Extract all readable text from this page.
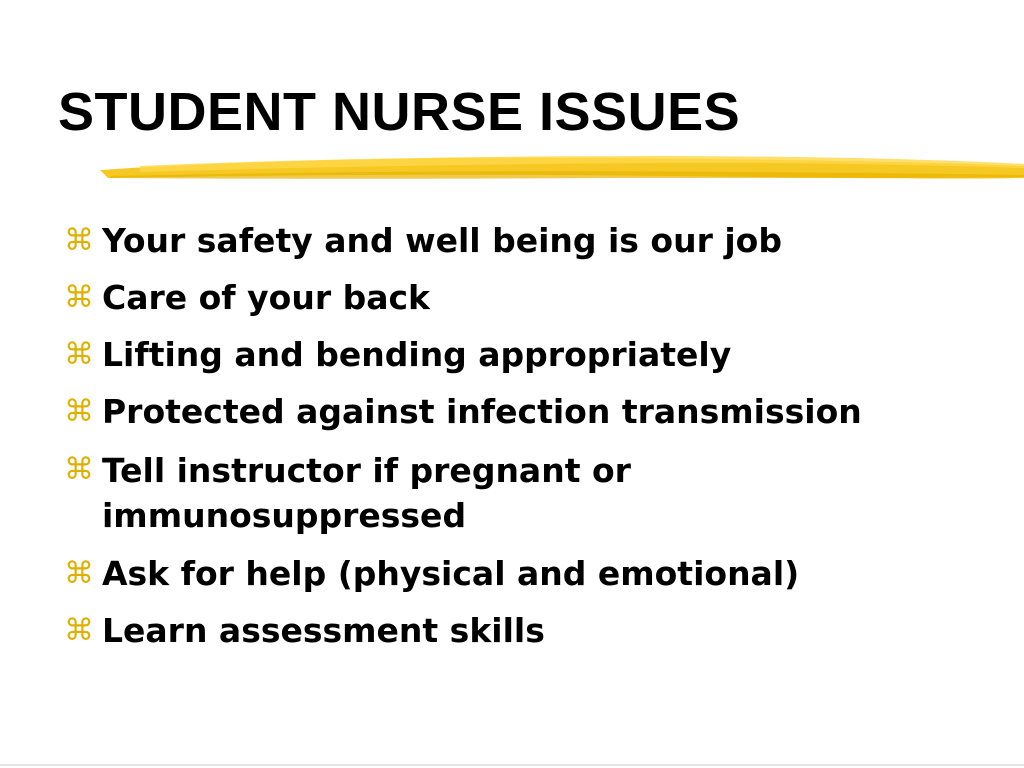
STUDENT NURSE ISSUES
⌘ Your safety and well being is our job
⌘ Care of your back
⌘ Lifting and bending appropriately
⌘ Protected against infection transmission
⌘ Tell instructor if pregnant or immunosuppressed
⌘ Ask for help (physical and emotional)
⌘ Learn assessment skills
